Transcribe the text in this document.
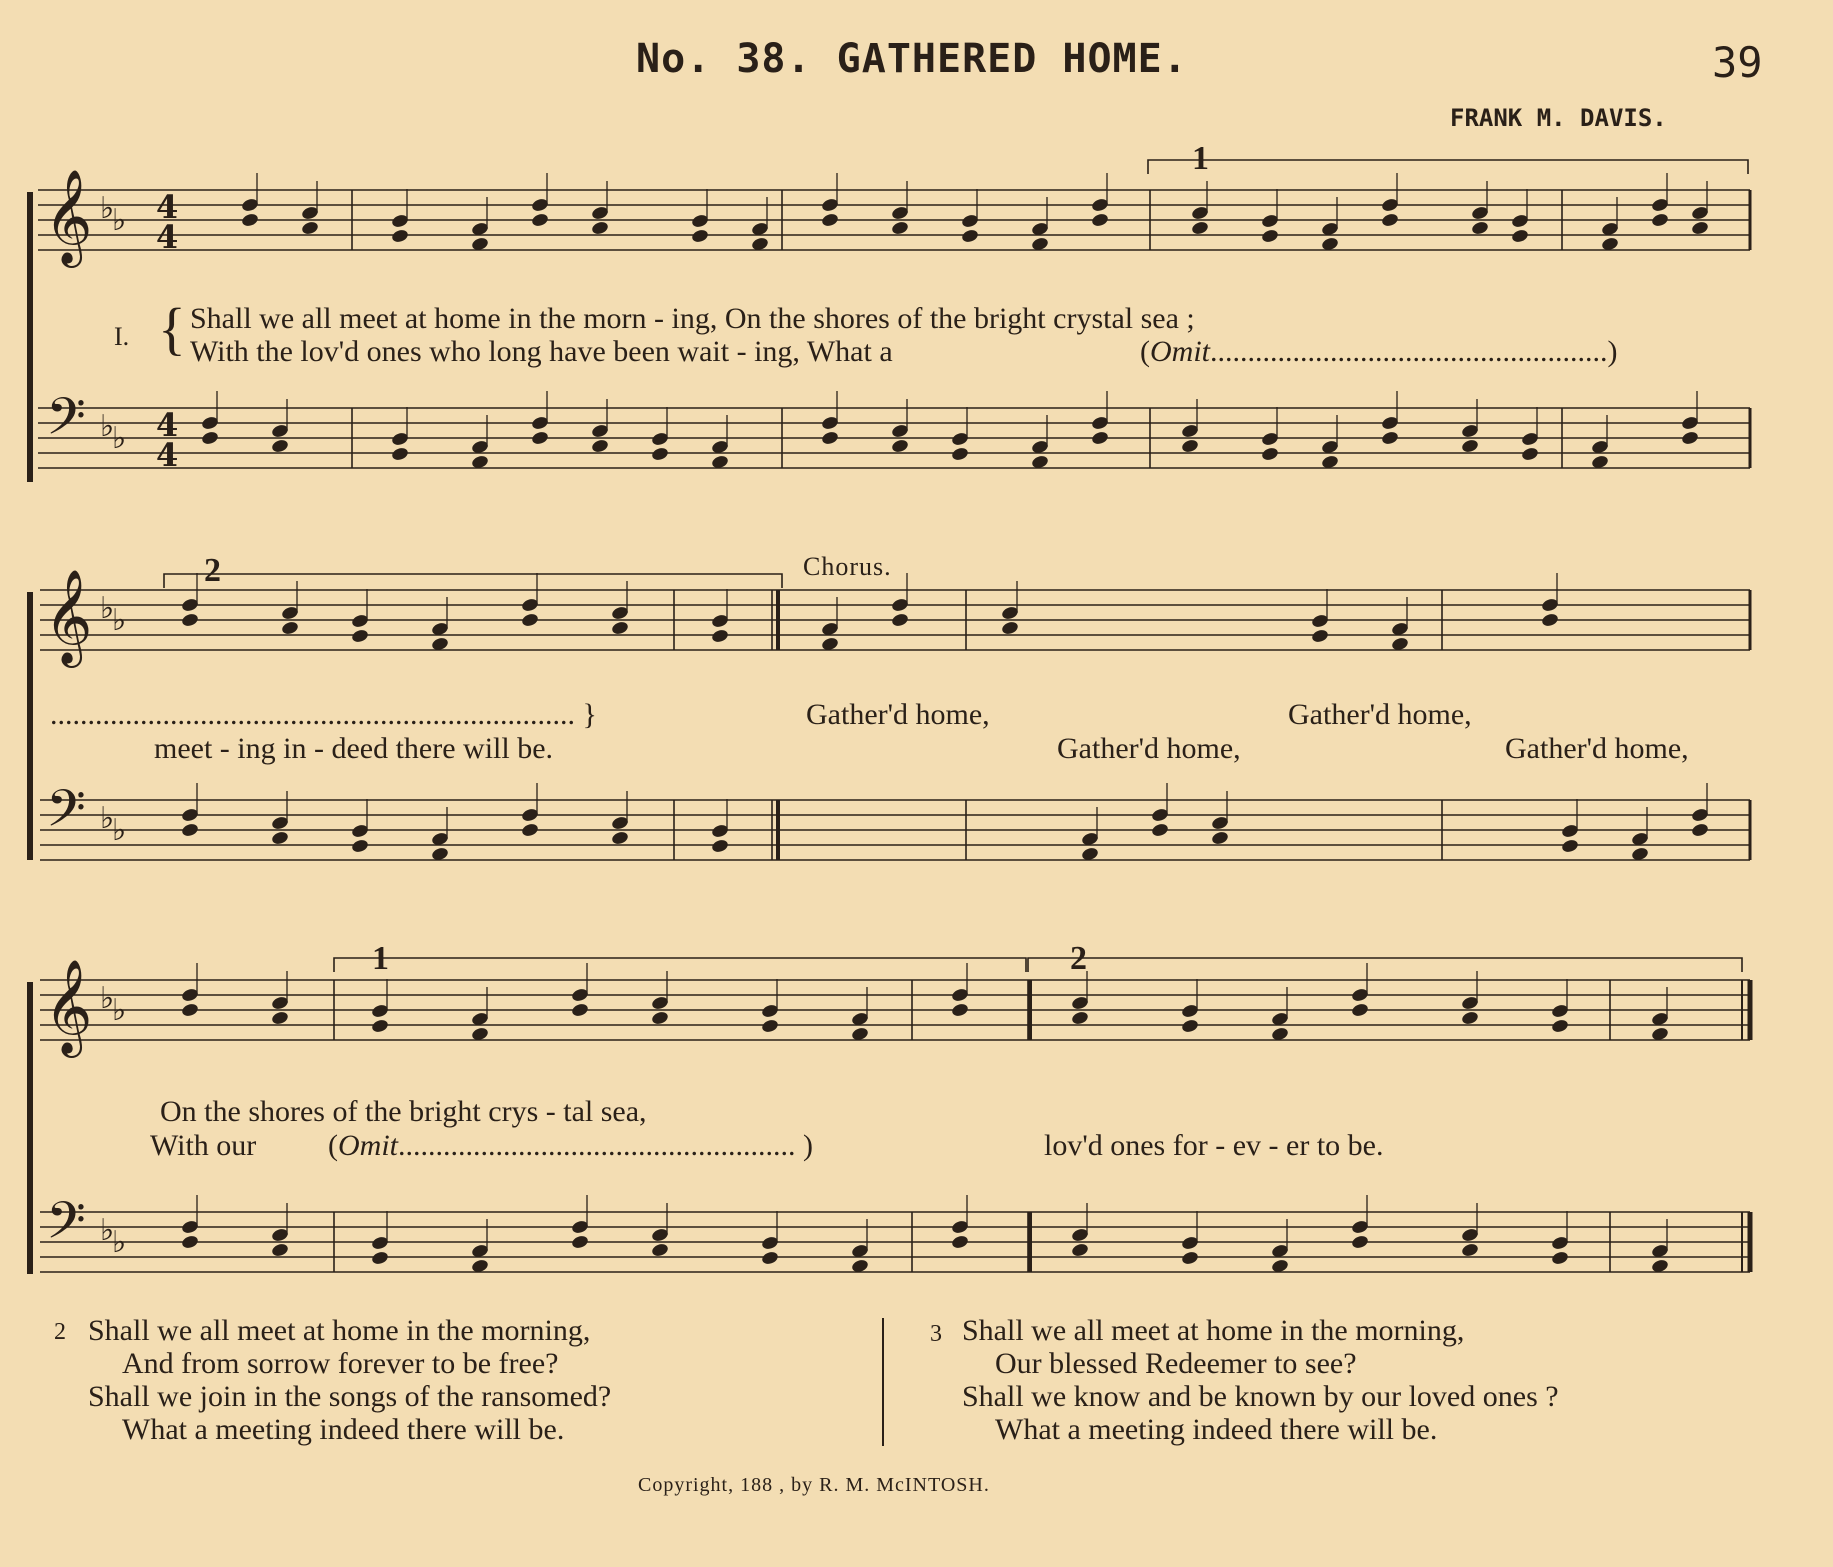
No. 38. GATHERED HOME.	39
FRANK M. DAVIS.
𝄞
𝄢
♭
♭
♭
♭
4
4
4
4
𝄞
𝄢
♭
♭
♭
♭
𝄞
𝄢
♭
♭
♭
♭
1
I. { Shall we all meet at home in the morn - ing, On the shores of the bright crystal sea ;
With the lov'd ones who long have been wait - ing, What a	(Omit.....................................................)
2	Chorus.
...................................................................... }
meet - ing in - deed there will be.
Gather'd home,	Gather'd home,
Gather'd home,	Gather'd home,
1	2
On the shores of the bright crys - tal sea,
With our (Omit..................................................... )	lov'd ones for - ev - er to be.
2 Shall we all meet at home in the morning,
And from sorrow forever to be free?
Shall we join in the songs of the ransomed?
What a meeting indeed there will be.
3 Shall we all meet at home in the morning,
Our blessed Redeemer to see?
Shall we know and be known by our loved ones ?
What a meeting indeed there will be.
Copyright, 188 , by R. M. McINTOSH.
